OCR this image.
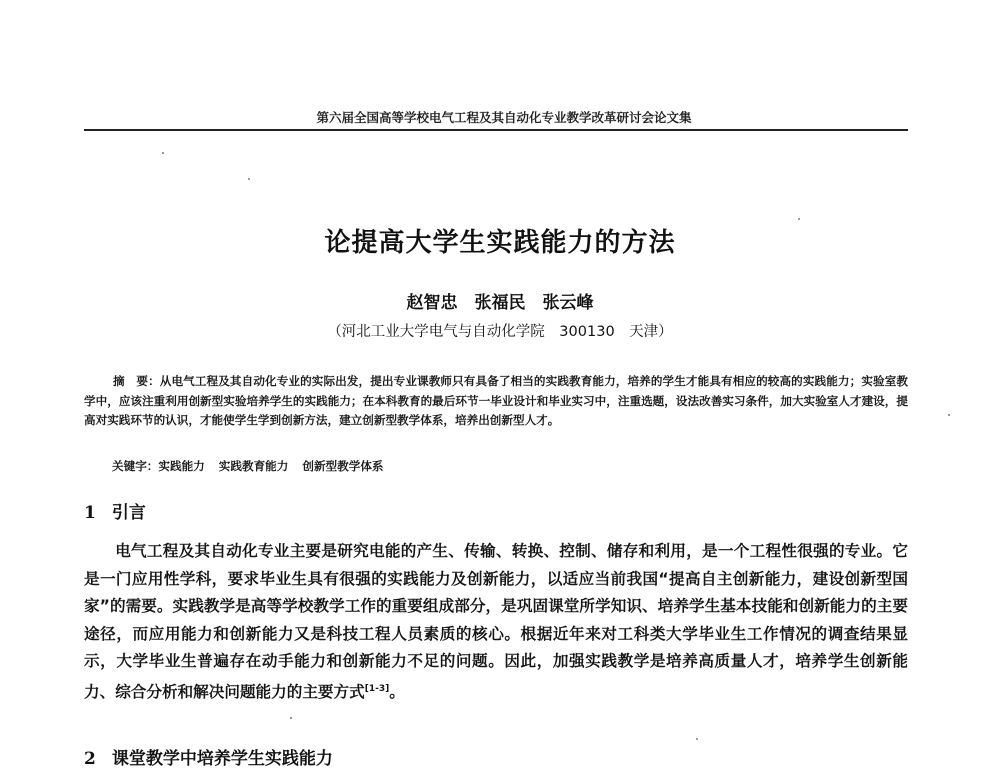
第六届全国高等学校电气工程及其自动化专业教学改革研讨会论文集
论提高大学生实践能力的方法
赵智忠　张福民　张云峰
（河北工业大学电气与自动化学院　300130　天津）
摘　要：从电气工程及其自动化专业的实际出发，提出专业课教师只有具备了相当的实践教育能力，培养的学生才能具有相应的较高的实践能力；实验室教学中，应该注重利用创新型实验培养学生的实践能力；在本科教育的最后环节一毕业设计和毕业实习中，注重选题，设法改善实习条件，加大实验室人才建设，提高对实践环节的认识，才能使学生学到创新方法，建立创新型教学体系，培养出创新型人才。
关键字：实践能力 实践教育能力 创新型教学体系
1 引言
电气工程及其自动化专业主要是研究电能的产生、传输、转换、控制、储存和利用，是一个工程性很强的专业。它是一门应用性学科，要求毕业生具有很强的实践能力及创新能力，以适应当前我国“提高自主创新能力，建设创新型国家”的需要。实践教学是高等学校教学工作的重要组成部分，是巩固课堂所学知识、培养学生基本技能和创新能力的主要途径，而应用能力和创新能力又是科技工程人员素质的核心。根据近年来对工科类大学毕业生工作情况的调查结果显示，大学毕业生普遍存在动手能力和创新能力不足的问题。因此，加强实践教学是培养高质量人才，培养学生创新能力、综合分析和解决问题能力的主要方式[1-3]。
2 课堂教学中培养学生实践能力
